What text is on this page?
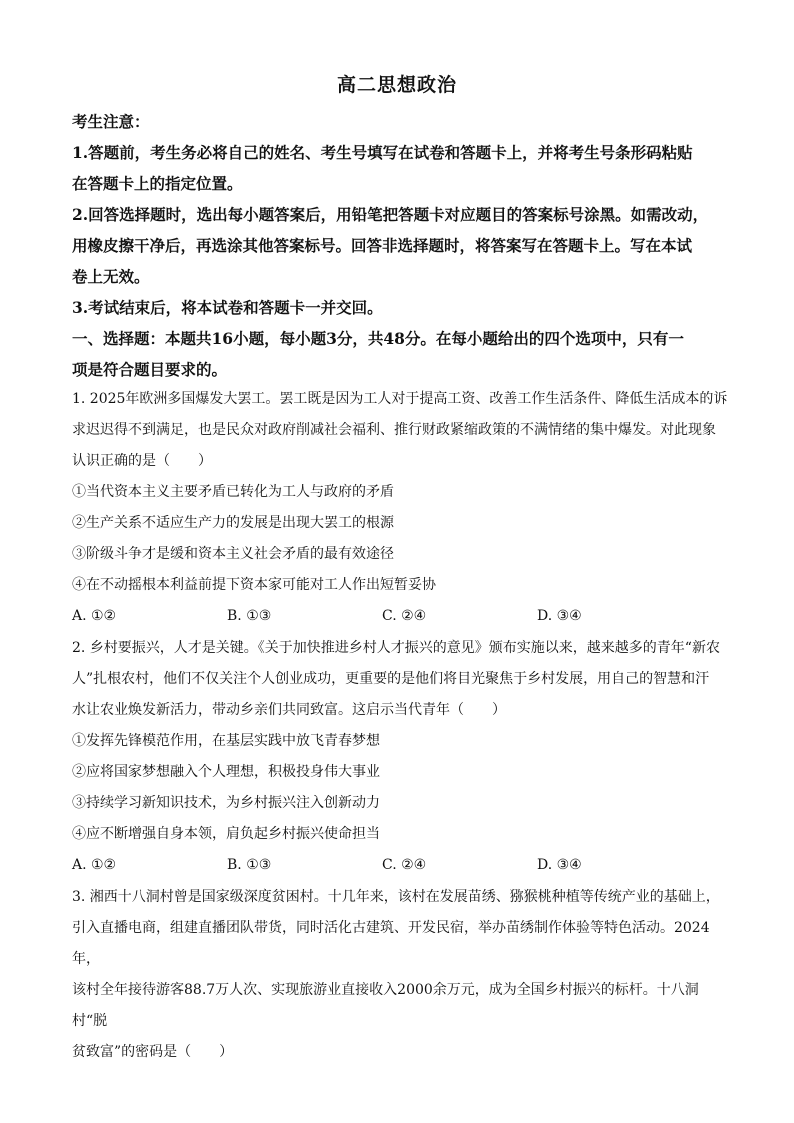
高二思想政治

考生注意：

1.答题前，考生务必将自己的姓名、考生号填写在试卷和答题卡上，并将考生号条形码粘贴

在答题卡上的指定位置。

2.回答选择题时，选出每小题答案后，用铅笔把答题卡对应题目的答案标号涂黑。如需改动，

用橡皮擦干净后，再选涂其他答案标号。回答非选择题时，将答案写在答题卡上。写在本试

卷上无效。

3.考试结束后，将本试卷和答题卡一并交回。

一、选择题：本题共16小题，每小题3分，共48分。在每小题给出的四个选项中，只有一

项是符合题目要求的。

1. 2025年欧洲多国爆发大罢工。罢工既是因为工人对于提高工资、改善工作生活条件、降低生活成本的诉

求迟迟得不到满足，也是民众对政府削减社会福利、推行财政紧缩政策的不满情绪的集中爆发。对此现象

认识正确的是（　　）

①当代资本主义主要矛盾已转化为工人与政府的矛盾

②生产关系不适应生产力的发展是出现大罢工的根源

③阶级斗争才是缓和资本主义社会矛盾的最有效途径

④在不动摇根本利益前提下资本家可能对工人作出短暂妥协

A. ①②	B. ①③	C. ②④	D. ③④

2. 乡村要振兴，人才是关键。《关于加快推进乡村人才振兴的意见》颁布实施以来，越来越多的青年“新农

人”扎根农村，他们不仅关注个人创业成功，更重要的是他们将目光聚焦于乡村发展，用自己的智慧和汗

水让农业焕发新活力，带动乡亲们共同致富。这启示当代青年（　　）

①发挥先锋模范作用，在基层实践中放飞青春梦想

②应将国家梦想融入个人理想，积极投身伟大事业

③持续学习新知识技术，为乡村振兴注入创新动力

④应不断增强自身本领，肩负起乡村振兴使命担当

A. ①②	B. ①③	C. ②④	D. ③④

3. 湘西十八洞村曾是国家级深度贫困村。十几年来，该村在发展苗绣、猕猴桃种植等传统产业的基础上，

引入直播电商，组建直播团队带货，同时活化古建筑、开发民宿，举办苗绣制作体验等特色活动。2024年，

该村全年接待游客88.7万人次、实现旅游业直接收入2000余万元，成为全国乡村振兴的标杆。十八洞村“脱

贫致富”的密码是（　　）
